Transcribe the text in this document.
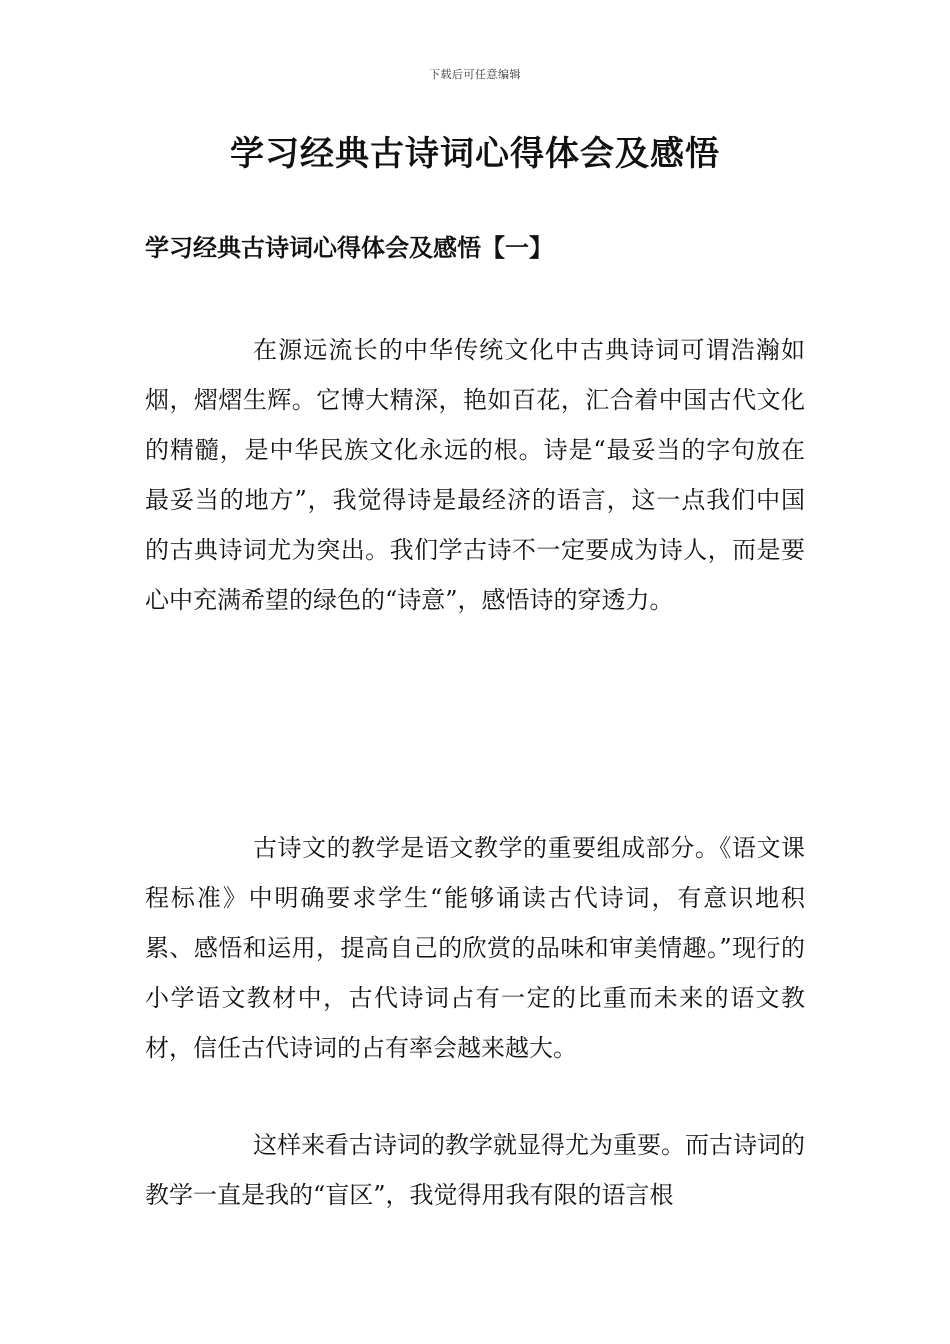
下载后可任意编辑
学习经典古诗词心得体会及感悟
学习经典古诗词心得体会及感悟【一】

在源远流长的中华传统文化中古典诗词可谓浩瀚如烟，熠熠生辉。它博大精深，艳如百花，汇合着中国古代文化的精髓，是中华民族文化永远的根。诗是“最妥当的字句放在最妥当的地方”，我觉得诗是最经济的语言，这一点我们中国的古典诗词尤为突出。我们学古诗不一定要成为诗人，而是要心中充满希望的绿色的“诗意”，感悟诗的穿透力。

古诗文的教学是语文教学的重要组成部分。《语文课程标准》中明确要求学生“能够诵读古代诗词，有意识地积累、感悟和运用，提高自己的欣赏的品味和审美情趣。”现行的小学语文教材中，古代诗词占有一定的比重而未来的语文教材，信任古代诗词的占有率会越来越大。

这样来看古诗词的教学就显得尤为重要。而古诗词的教学一直是我的“盲区”，我觉得用我有限的语言根
